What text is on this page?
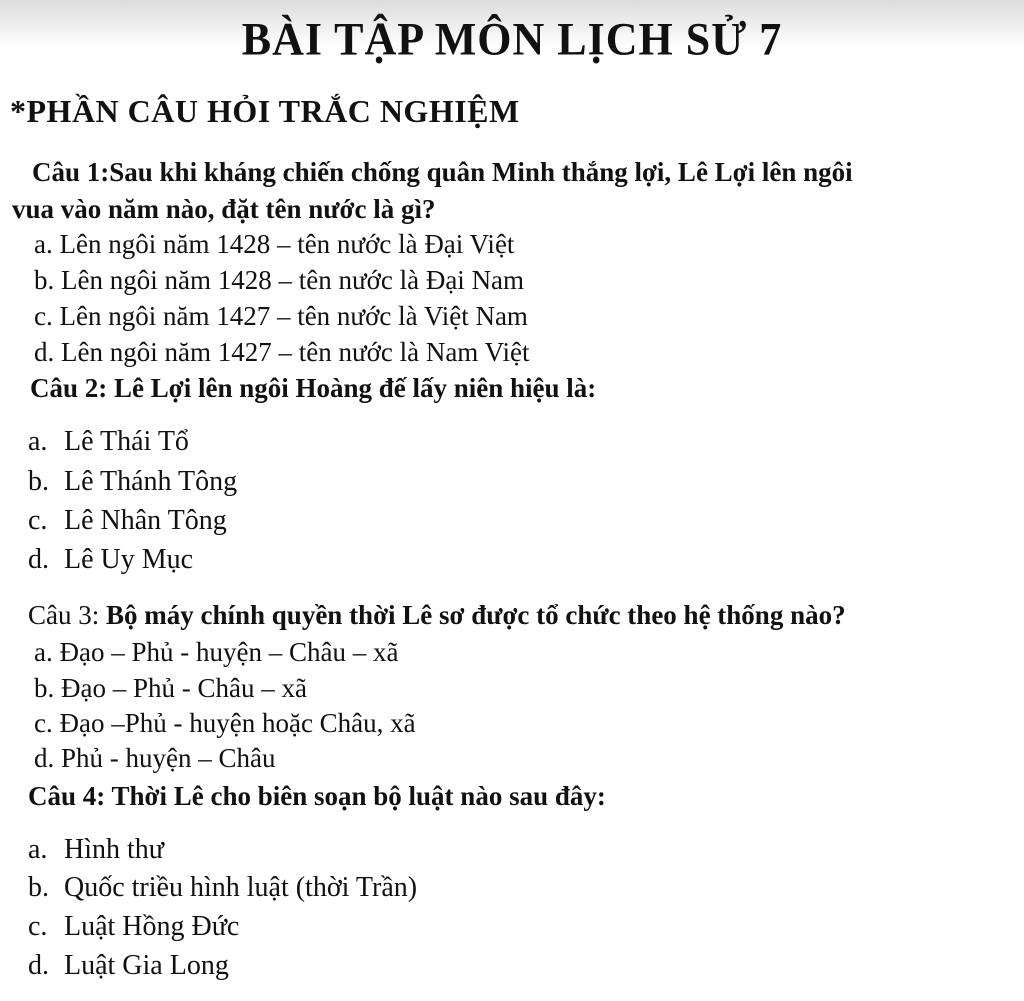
BÀI TẬP MÔN LỊCH SỬ 7
*PHẦN CÂU HỎI TRẮC NGHIỆM
Câu 1:Sau khi kháng chiến chống quân Minh thắng lợi, Lê Lợi lên ngôi
vua vào năm nào, đặt tên nước là gì?
a. Lên ngôi năm 1428 – tên nước là Đại Việt
b. Lên ngôi năm 1428 – tên nước là Đại Nam
c. Lên ngôi năm 1427 – tên nước là Việt Nam
d. Lên ngôi năm 1427 – tên nước là Nam Việt
Câu 2: Lê Lợi lên ngôi Hoàng đế lấy niên hiệu là:
a. Lê Thái Tổ
b. Lê Thánh Tông
c. Lê Nhân Tông
d. Lê Uy Mục
Câu 3: Bộ máy chính quyền thời Lê sơ được tổ chức theo hệ thống nào?
a. Đạo – Phủ - huyện – Châu – xã
b. Đạo – Phủ - Châu – xã
c. Đạo –Phủ - huyện hoặc Châu, xã
d. Phủ - huyện – Châu
Câu 4: Thời Lê cho biên soạn bộ luật nào sau đây:
a. Hình thư
b. Quốc triều hình luật (thời Trần)
c. Luật Hồng Đức
d. Luật Gia Long
